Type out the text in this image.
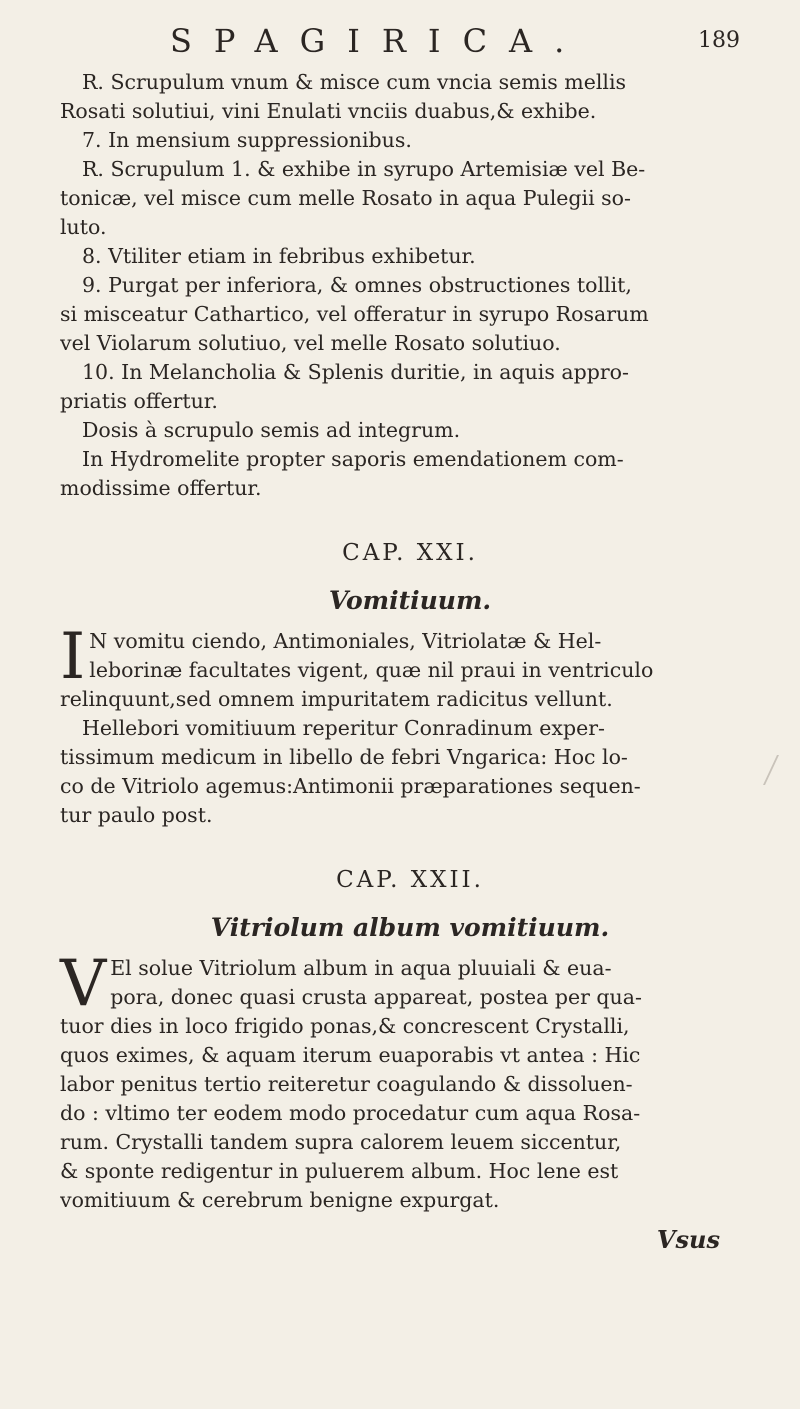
SPAGIRICA.	189
R. Scrupulum vnum & misce cum vncia semis mellis
Rosati solutiui, vini Enulati vnciis duabus,& exhibe.
7. In mensium suppressionibus.
R. Scrupulum 1. & exhibe in syrupo Artemisiæ vel Be-
tonicæ, vel misce cum melle Rosato in aqua Pulegii so-
luto.
8. Vtiliter etiam in febribus exhibetur.
9. Purgat per inferiora, & omnes obstructiones tollit,
si misceatur Cathartico, vel offeratur in syrupo Rosarum
vel Violarum solutiuo, vel melle Rosato solutiuo.
10. In Melancholia & Splenis duritie, in aquis appro-
priatis offertur.
Dosis à scrupulo semis ad integrum.
In Hydromelite propter saporis emendationem com-
modissime offertur.
CAP. XXI.
Vomitiuum.
I N vomitu ciendo, Antimoniales, Vitriolatæ & Hel-
leborinæ facultates vigent, quæ nil praui in ventriculo
relinquunt,sed omnem impuritatem radicitus vellunt.
Hellebori vomitiuum reperitur Conradinum exper-
tissimum medicum in libello de febri Vngarica: Hoc lo-
co de Vitriolo agemus:Antimonii præparationes sequen-
tur paulo post.
CAP. XXII.
Vitriolum album vomitiuum.
V El solue Vitriolum album in aqua pluuiali & eua-
pora, donec quasi crusta appareat, postea per qua-
tuor dies in loco frigido ponas,& concrescent Crystalli,
quos eximes, & aquam iterum euaporabis vt antea : Hic
labor penitus tertio reiteretur coagulando & dissoluen-
do : vltimo ter eodem modo procedatur cum aqua Rosa-
rum. Crystalli tandem supra calorem leuem siccentur,
& sponte redigentur in puluerem album. Hoc lene est
vomitiuum & cerebrum benigne expurgat.
Vsus
